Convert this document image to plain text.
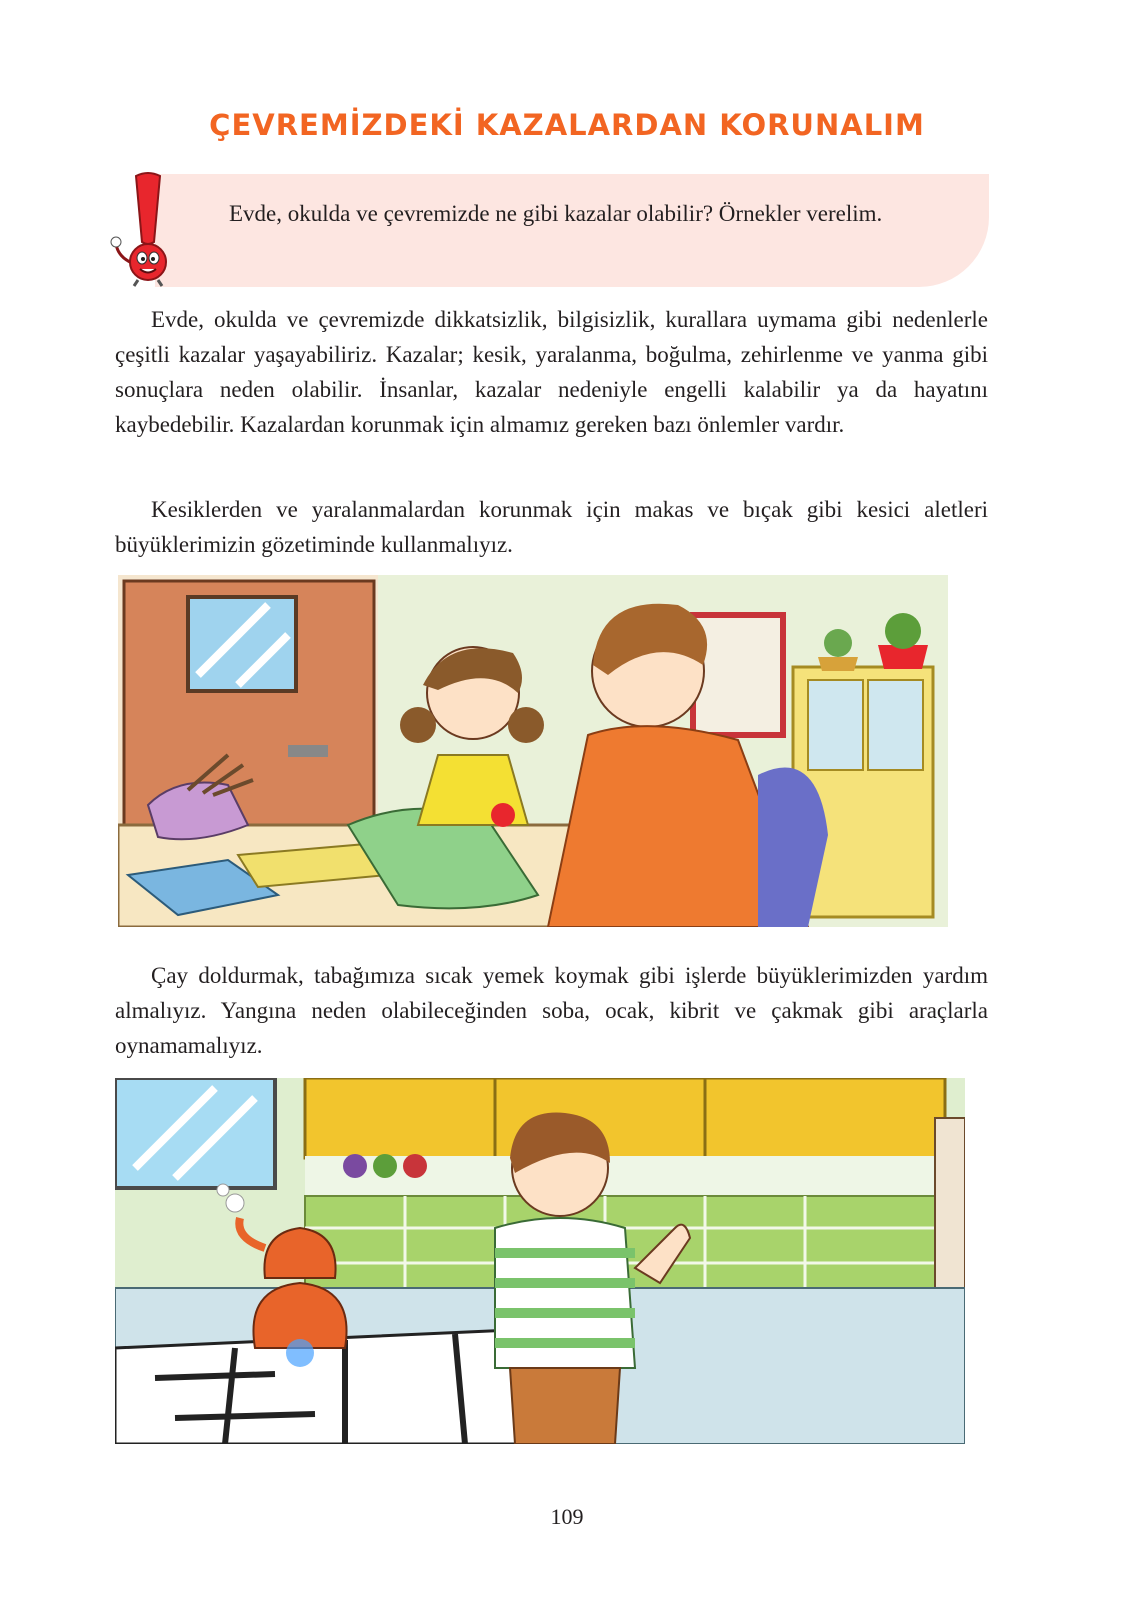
ÇEVREMİZDEKİ KAZALARDAN KORUNALIM
Evde, okulda ve çevremizde ne gibi kazalar olabilir? Örnekler verelim.

Evde, okulda ve çevremizde dikkatsizlik, bilgisizlik, kurallara uymama gibi nedenlerle çeşitli kazalar yaşayabiliriz. Kazalar; kesik, yaralanma, boğulma, zehirlenme ve yanma gibi sonuçlara neden olabilir. İnsanlar, kazalar nedeniyle engelli kalabilir ya da hayatını kaybedebilir. Kazalardan korunmak için almamız gereken bazı önlemler vardır.

Kesiklerden ve yaralanmalardan korunmak için makas ve bıçak gibi kesici aletleri büyüklerimizin gözetiminde kullanmalıyız.

Çay doldurmak, tabağımıza sıcak yemek koymak gibi işlerde büyüklerimizden yardım almalıyız. Yangına neden olabileceğinden soba, ocak, kibrit ve çakmak gibi araçlarla oynamamalıyız.

109
